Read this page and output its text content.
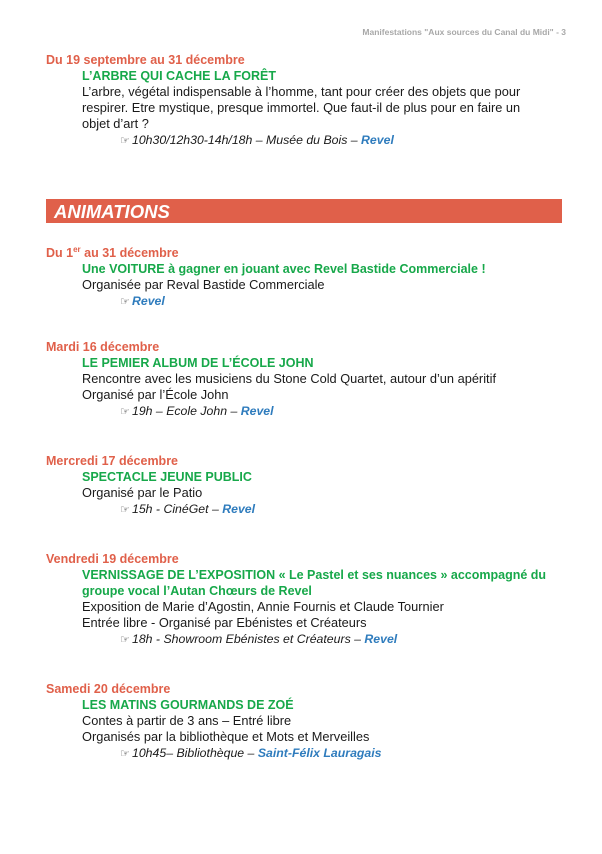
Manifestations "Aux sources du Canal du Midi" - 3
Du 19 septembre au 31 décembre
L’ARBRE QUI CACHE LA FORÊT
L’arbre, végétal indispensable à l’homme, tant pour créer des objets que pour
respirer. Etre mystique, presque immortel. Que faut-il de plus pour en faire un
objet d’art ?
☞ 10h30/12h30-14h/18h – Musée du Bois – Revel
ANIMATIONS
Du 1er au 31 décembre
Une VOITURE à gagner en jouant avec Revel Bastide Commerciale !
Organisée par Reval Bastide Commerciale
☞ Revel
Mardi 16 décembre
LE PEMIER ALBUM DE L’ÉCOLE JOHN
Rencontre avec les musiciens du Stone Cold Quartet, autour d’un apéritif
Organisé par l’École John
☞ 19h – Ecole John – Revel
Mercredi 17 décembre
SPECTACLE JEUNE PUBLIC
Organisé par le Patio
☞ 15h - CinéGet – Revel
Vendredi 19 décembre
VERNISSAGE DE L’EXPOSITION « Le Pastel et ses nuances » accompagné du
groupe vocal l’Autan Chœurs de Revel
Exposition de Marie d’Agostin, Annie Fournis et Claude Tournier
Entrée libre - Organisé par Ebénistes et Créateurs
☞ 18h - Showroom Ebénistes et Créateurs – Revel
Samedi 20 décembre
LES MATINS GOURMANDS DE ZOÉ
Contes à partir de 3 ans – Entré libre
Organisés par la bibliothèque et Mots et Merveilles
☞ 10h45– Bibliothèque – Saint-Félix Lauragais
